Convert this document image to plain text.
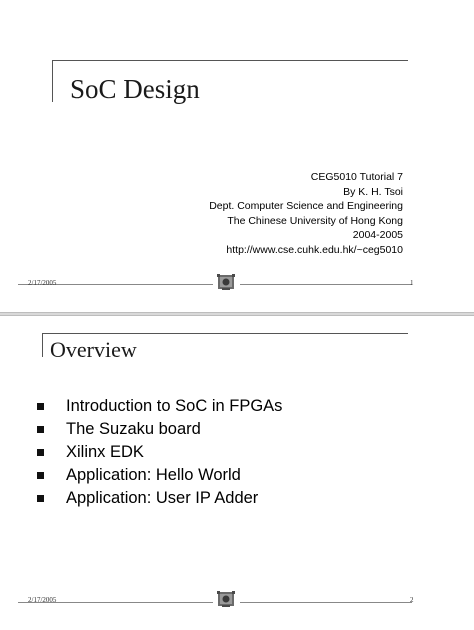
SoC Design
CEG5010 Tutorial 7
By K. H. Tsoi
Dept. Computer Science and Engineering
The Chinese University of Hong Kong
2004-2005
http://www.cse.cuhk.edu.hk/~ceg5010
2/17/2005	1
Overview
Introduction to SoC in FPGAs
The Suzaku board
Xilinx EDK
Application: Hello World
Application: User IP Adder
2/17/2005	2
